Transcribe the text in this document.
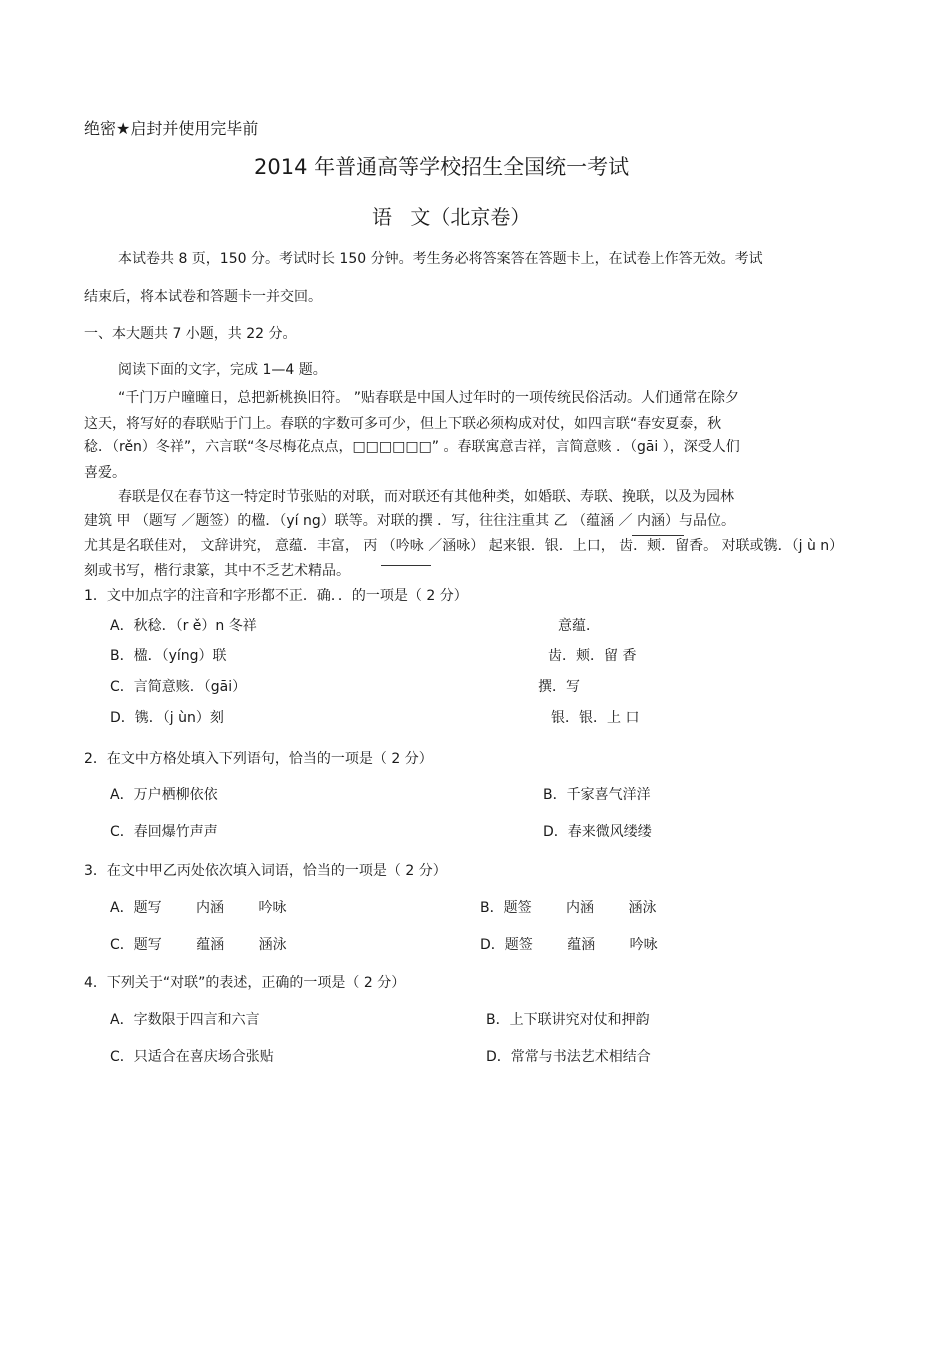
绝密★启封并使用完毕前
2014 年普通高等学校招生全国统一考试
语 文（北京卷）
本试卷共 8 页，150 分。考试时长 150 分钟。考生务必将答案答在答题卡上，在试卷上作答无效。考试
结束后，将本试卷和答题卡一并交回。
一、本大题共 7 小题，共 22 分。
阅读下面的文字，完成 1—4 题。
“千门万户曈曈日，总把新桃换旧符。 ”贴春联是中国人过年时的一项传统民俗活动。人们通常在除夕
这天，将写好的春联贴于门上。春联的字数可多可少，但上下联必须构成对仗，如四言联“春安夏泰，秋
稔．（rěn）冬祥”，六言联“冬尽梅花点点，□□□□□□” 。春联寓意吉祥，言简意赅 ．（gāi ），深受人们
喜爱。
春联是仅在春节这一特定时节张贴的对联，而对联还有其他种类，如婚联、寿联、挽联，以及为园林
建筑 甲 （题写 ／题签）的楹．（yí ng）联等。对联的撰 ．写，往往注重其 乙 （蕴涵 ／ 内涵）与品位。
尤其是名联佳对， 文辞讲究， 意蕴．丰富， 丙 （吟咏 ／涵咏） 起来银．银．上口， 齿．颊．留香。 对联或镌．（j ù n）
刻或书写，楷行隶篆，其中不乏艺术精品。
1．文中加点字的注音和字形都不正．确．．的一项是（ 2 分）
A．秋稔．（r ě）n 冬祥	意蕴．
B．楹．（yíng）联	齿．颊．留 香
C．言简意赅．（gāi）	撰．写
D．镌．（j ùn）刻	银．银．上 口
2．在文中方格处填入下列语句，恰当的一项是（ 2 分）
A．万户栖柳依依	B．千家喜气洋洋
C．春回爆竹声声	D．春来微风缕缕
3．在文中甲乙丙处依次填入词语，恰当的一项是（ 2 分）
A．题写 内涵 吟咏	B．题签 内涵 涵泳
C．题写 蕴涵 涵泳	D．题签 蕴涵 吟咏
4．下列关于“对联”的表述，正确的一项是（ 2 分）
A．字数限于四言和六言	B．上下联讲究对仗和押韵
C．只适合在喜庆场合张贴	D．常常与书法艺术相结合
